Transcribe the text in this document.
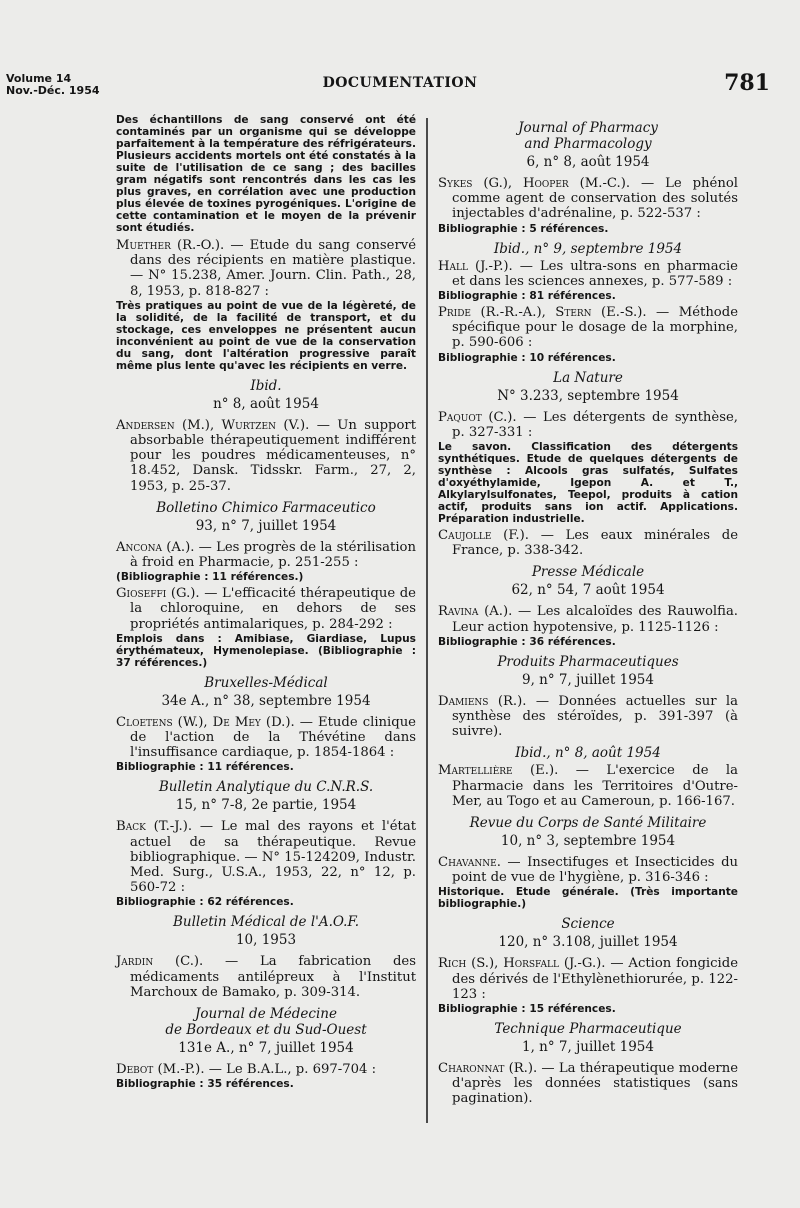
Volume 14
Nov.-Déc. 1954	DOCUMENTATION	781
Des échantillons de sang conservé ont été contaminés par un organisme qui se développe parfaitement à la température des réfrigérateurs. Plusieurs accidents mortels ont été constatés à la suite de l'utilisation de ce sang ; des bacilles gram négatifs sont rencontrés dans les cas les plus graves, en corrélation avec une production plus élevée de toxines pyrogéniques. L'origine de cette contamination et le moyen de la prévenir sont étudiés.

Muether (R.-O.). — Etude du sang conservé dans des récipients en matière plastique. — N° 15.238, Amer. Journ. Clin. Path., 28, 8, 1953, p. 818-827 :

Très pratiques au point de vue de la légèreté, de la solidité, de la facilité de transport, et du stockage, ces enveloppes ne présentent aucun inconvénient au point de vue de la conservation du sang, dont l'altération progressive paraît même plus lente qu'avec les récipients en verre.
Ibid.
n° 8, août 1954

Andersen (M.), Wurtzen (V.). — Un support absorbable thérapeutiquement indifférent pour les poudres médicamenteuses, n° 18.452, Dansk. Tidsskr. Farm., 27, 2, 1953, p. 25-37.

Bolletino Chimico Farmaceutico
93, n° 7, juillet 1954

Ancona (A.). — Les progrès de la stérilisation à froid en Pharmacie, p. 251-255 :

(Bibliographie : 11 références.)

Gioseffi (G.). — L'efficacité thérapeutique de la chloroquine, en dehors de ses propriétés antimalariques, p. 284-292 :

Emplois dans : Amibiase, Giardiase, Lupus érythémateux, Hymenolepiase. (Bibliographie : 37 références.)
Bruxelles-Médical
34e A., n° 38, septembre 1954

Cloetens (W.), De Mey (D.). — Etude clinique de l'action de la Thévétine dans l'insuffisance cardiaque, p. 1854-1864 :

Bibliographie : 11 références.
Bulletin Analytique du C.N.R.S.
15, n° 7-8, 2e partie, 1954

Back (T.-J.). — Le mal des rayons et l'état actuel de sa thérapeutique. Revue bibliographique. — N° 15-124209, Industr. Med. Surg., U.S.A., 1953, 22, n° 12, p. 560-72 :

Bibliographie : 62 références.
Bulletin Médical de l'A.O.F.
10, 1953

Jardin (C.). — La fabrication des médicaments antilépreux à l'Institut Marchoux de Bamako, p. 309-314.

Journal de Médecine
de Bordeaux et du Sud-Ouest
131e A., n° 7, juillet 1954

Debot (M.-P.). — Le B.A.L., p. 697-704 :

Bibliographie : 35 références.
Journal of Pharmacy
and Pharmacology
6, n° 8, août 1954

Sykes (G.), Hooper (M.-C.). — Le phénol comme agent de conservation des solutés injectables d'adrénaline, p. 522-537 :

Bibliographie : 5 références.
Ibid., n° 9, septembre 1954

Hall (J.-P.). — Les ultra-sons en pharmacie et dans les sciences annexes, p. 577-589 :

Bibliographie : 81 références.

Pride (R.-R.-A.), Stern (E.-S.). — Méthode spécifique pour le dosage de la morphine, p. 590-606 :

Bibliographie : 10 références.
La Nature
N° 3.233, septembre 1954

Paquot (C.). — Les détergents de synthèse, p. 327-331 :

Le savon. Classification des détergents synthétiques. Etude de quelques détergents de synthèse : Alcools gras sulfatés, Sulfates d'oxyéthylamide, Igepon A. et T., Alkylarylsulfonates, Teepol, produits à cation actif, produits sans ion actif. Applications. Préparation industrielle.

Caujolle (F.). — Les eaux minérales de France, p. 338-342.

Presse Médicale
62, n° 54, 7 août 1954

Ravina (A.). — Les alcaloïdes des Rauwolfia. Leur action hypotensive, p. 1125-1126 :

Bibliographie : 36 références.
Produits Pharmaceutiques
9, n° 7, juillet 1954

Damiens (R.). — Données actuelles sur la synthèse des stéroïdes, p. 391-397 (à suivre).

Ibid., n° 8, août 1954

Martellière (E.). — L'exercice de la Pharmacie dans les Territoires d'Outre-Mer, au Togo et au Cameroun, p. 166-167.

Revue du Corps de Santé Militaire
10, n° 3, septembre 1954

Chavanne. — Insectifuges et Insecticides du point de vue de l'hygiène, p. 316-346 :

Historique. Etude générale. (Très importante bibliographie.)
Science
120, n° 3.108, juillet 1954

Rich (S.), Horsfall (J.-G.). — Action fongicide des dérivés de l'Ethylènethiorurée, p. 122-123 :

Bibliographie : 15 références.
Technique Pharmaceutique
1, n° 7, juillet 1954

Charonnat (R.). — La thérapeutique moderne d'après les données statistiques (sans pagination).
